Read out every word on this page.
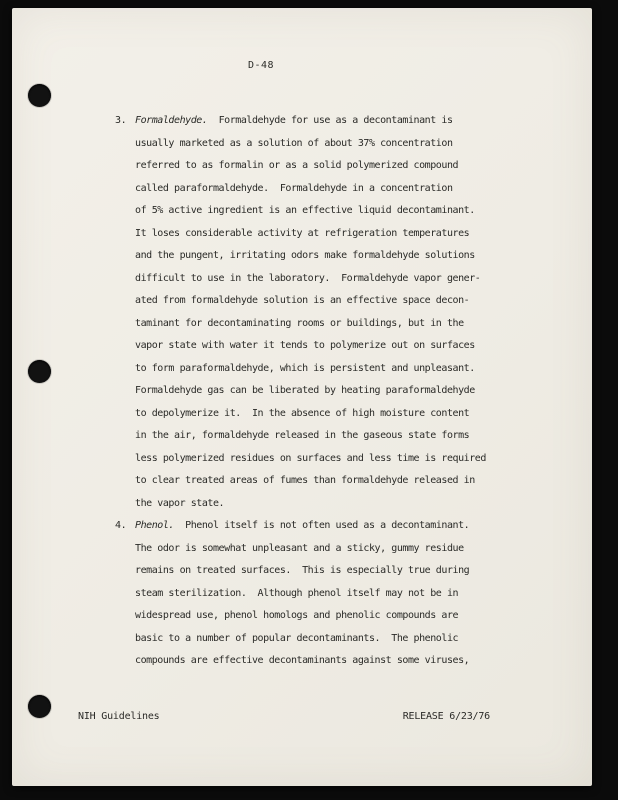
D-48
3. Formaldehyde.  Formaldehyde for use as a decontaminant is
usually marketed as a solution of about 37% concentration
referred to as formalin or as a solid polymerized compound
called paraformaldehyde.  Formaldehyde in a concentration
of 5% active ingredient is an effective liquid decontaminant.
It loses considerable activity at refrigeration temperatures
and the pungent, irritating odors make formaldehyde solutions
difficult to use in the laboratory.  Formaldehyde vapor gener-
ated from formaldehyde solution is an effective space decon-
taminant for decontaminating rooms or buildings, but in the
vapor state with water it tends to polymerize out on surfaces
to form paraformaldehyde, which is persistent and unpleasant.
Formaldehyde gas can be liberated by heating paraformaldehyde
to depolymerize it.  In the absence of high moisture content
in the air, formaldehyde released in the gaseous state forms
less polymerized residues on surfaces and less time is required
to clear treated areas of fumes than formaldehyde released in
the vapor state.
4. Phenol.  Phenol itself is not often used as a decontaminant.
The odor is somewhat unpleasant and a sticky, gummy residue
remains on treated surfaces.  This is especially true during
steam sterilization.  Although phenol itself may not be in
widespread use, phenol homologs and phenolic compounds are
basic to a number of popular decontaminants.  The phenolic
compounds are effective decontaminants against some viruses,
NIH Guidelines	RELEASE 6/23/76
